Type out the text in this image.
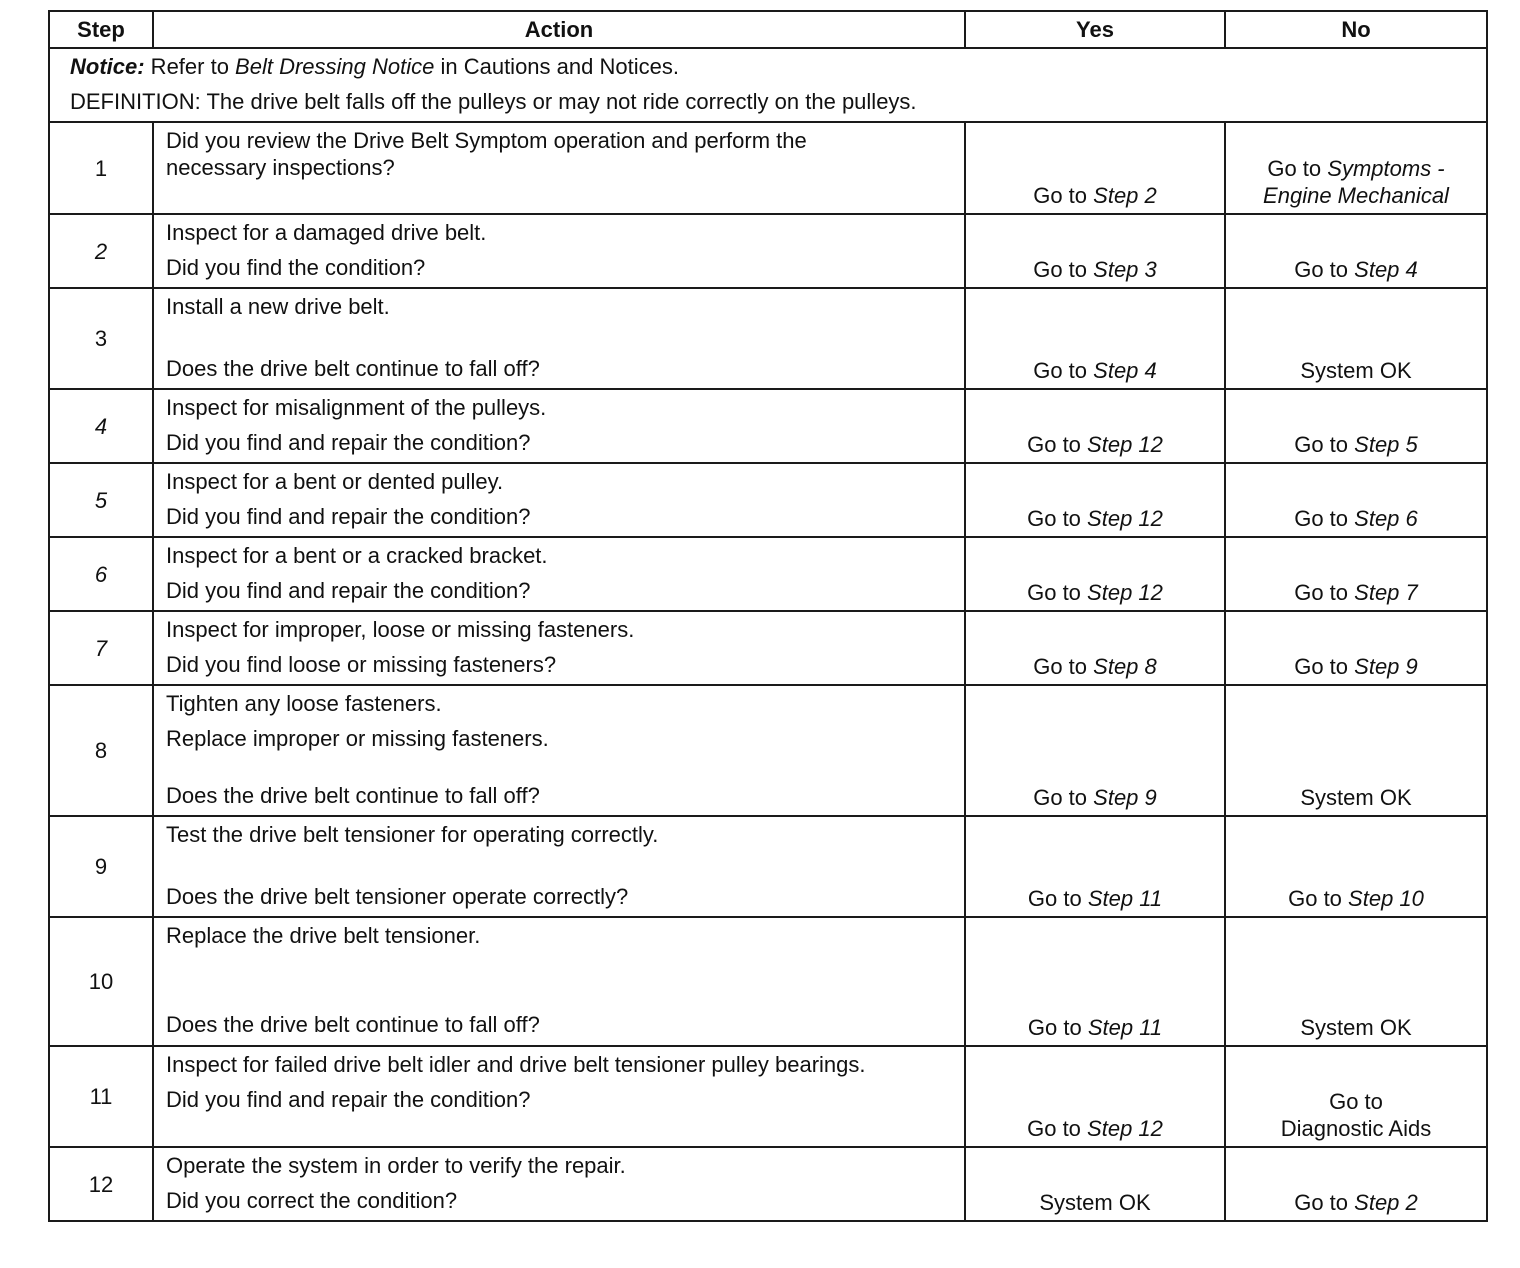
Step	Action	Yes	No

Notice: Refer to Belt Dressing Notice in Cautions and Notices.
DEFINITION: The drive belt falls off the pulleys or may not ride correctly on the pulleys.			

1	Did you review the Drive Belt Symptom operation and perform the necessary inspections?	Go to Step 2	Go to Symptoms -
Engine Mechanical
2	Inspect for a damaged drive belt.
Did you find the condition?	Go to Step 3	Go to Step 4
3	Install a new drive belt.
Does the drive belt continue to fall off?	Go to Step 4	System OK
4	Inspect for misalignment of the pulleys.
Did you find and repair the condition?	Go to Step 12	Go to Step 5
5	Inspect for a bent or dented pulley.
Did you find and repair the condition?	Go to Step 12	Go to Step 6
6	Inspect for a bent or a cracked bracket.
Did you find and repair the condition?	Go to Step 12	Go to Step 7
7	Inspect for improper, loose or missing fasteners.
Did you find loose or missing fasteners?	Go to Step 8	Go to Step 9
8	Tighten any loose fasteners.
Replace improper or missing fasteners.
Does the drive belt continue to fall off?	Go to Step 9	System OK
9	Test the drive belt tensioner for operating correctly.
Does the drive belt tensioner operate correctly?	Go to Step 11	Go to Step 10
10	Replace the drive belt tensioner.
Does the drive belt continue to fall off?	Go to Step 11	System OK
11	Inspect for failed drive belt idler and drive belt tensioner pulley bearings.
Did you find and repair the condition?	Go to Step 12	Go to
Diagnostic Aids
12	Operate the system in order to verify the repair.
Did you correct the condition?	System OK	Go to Step 2
